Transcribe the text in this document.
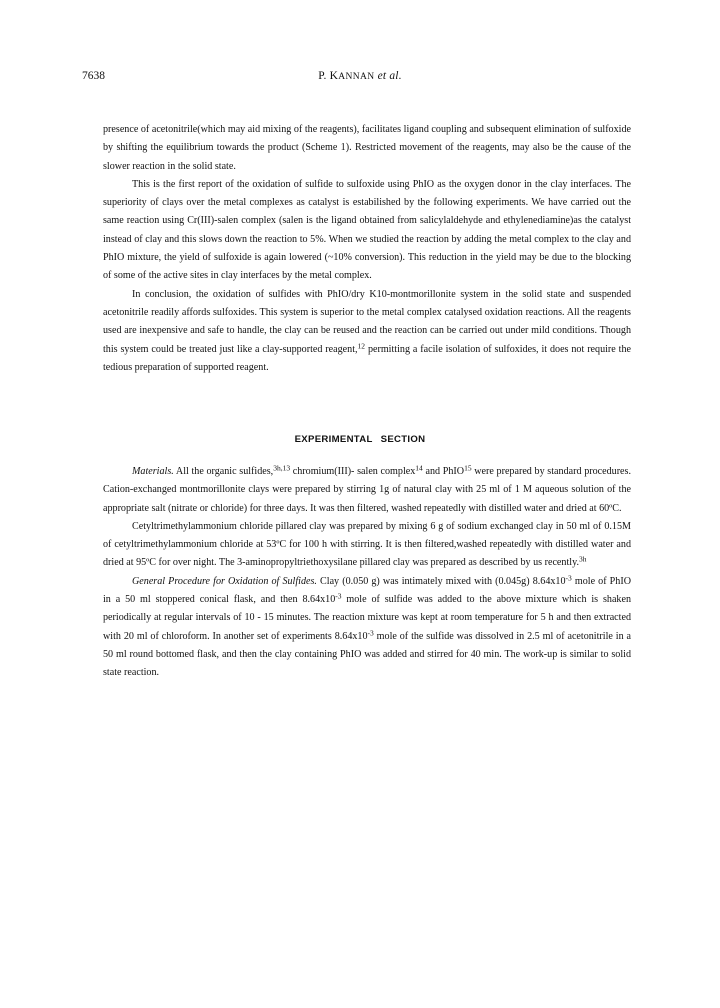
7638	P. KANNAN et al.

presence of acetonitrile(which may aid mixing of the reagents), facilitates ligand coupling and subsequent elimination of sulfoxide by shifting the equilibrium towards the product (Scheme 1). Restricted movement of the reagents, may also be the cause of the slower reaction in the solid state.

This is the first report of the oxidation of sulfide to sulfoxide using PhIO as the oxygen donor in the clay interfaces. The superiority of clays over the metal complexes as catalyst is estabilished by the following experiments. We have carried out the same reaction using Cr(III)-salen complex (salen is the ligand obtained from salicylaldehyde and ethylenediamine)as the catalyst instead of clay and this slows down the reaction to 5%. When we studied the reaction by adding the metal complex to the clay and PhIO mixture, the yield of sulfoxide is again lowered (~10% conversion). This reduction in the yield may be due to the blocking of some of the active sites in clay interfaces by the metal complex.

In conclusion, the oxidation of sulfides with PhIO/dry K10-montmorillonite system in the solid state and suspended acetonitrile readily affords sulfoxides. This system is superior to the metal complex catalysed oxidation reactions. All the reagents used are inexpensive and safe to handle, the clay can be reused and the reaction can be carried out under mild conditions. Though this system could be treated just like a clay-supported reagent,$^{12}$ permitting a facile isolation of sulfoxides, it does not require the tedious preparation of supported reagent.

EXPERIMENTAL SECTION

Materials. All the organic sulfides,$^{3h,13}$ chromium(III)- salen complex$^{14}$ and PhIO$^{15}$ were prepared by standard procedures. Cation-exchanged montmorillonite clays were prepared by stirring 1g of natural clay with 25 ml of 1 M aqueous solution of the appropriate salt (nitrate or chloride) for three days. It was then filtered, washed repeatedly with distilled water and dried at 60ºC.

Cetyltrimethylammonium chloride pillared clay was prepared by mixing 6 g of sodium exchanged clay in 50 ml of 0.15M of cetyltrimethylammonium chloride at 53ºC for 100 h with stirring. It is then filtered,washed repeatedly with distilled water and dried at 95ºC for over night. The 3-aminopropyltriethoxysilane pillared clay was prepared as described by us recently.$^{3h}$

General Procedure for Oxidation of Sulfides. Clay (0.050 g) was intimately mixed with (0.045g) $8.64x10^{-3}$ mole of PhIO in a 50 ml stoppered conical flask, and then $8.64x10^{-3}$ mole of sulfide was added to the above mixture which is shaken periodically at regular intervals of 10 - 15 minutes. The reaction mixture was kept at room temperature for 5 h and then extracted with 20 ml of chloroform. In another set of experiments $8.64x10^{-3}$ mole of the sulfide was dissolved in 2.5 ml of acetonitrile in a 50 ml round bottomed flask, and then the clay containing PhIO was added and stirred for 40 min. The work-up is similar to solid state reaction.
